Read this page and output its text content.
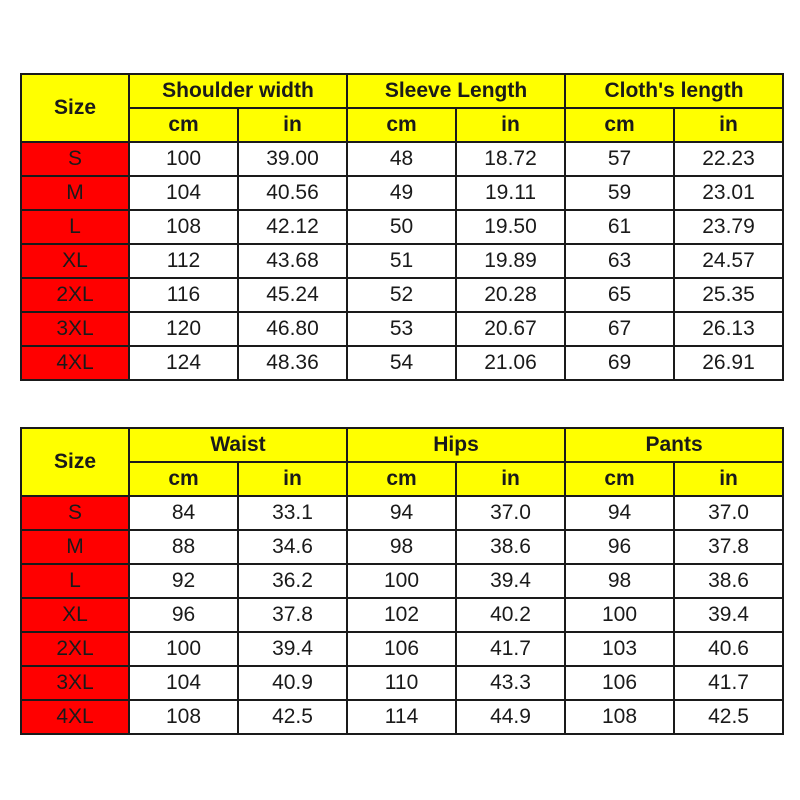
Size	Shoulder width		Sleeve Length		Cloth's length	
	cm	in	cm	in	cm	in
S	100	39.00	48	18.72	57	22.23
M	104	40.56	49	19.11	59	23.01
L	108	42.12	50	19.50	61	23.79
XL	112	43.68	51	19.89	63	24.57
2XL	116	45.24	52	20.28	65	25.35
3XL	120	46.80	53	20.67	67	26.13
4XL	124	48.36	54	21.06	69	26.91
Size	Waist		Hips		Pants	
	cm	in	cm	in	cm	in
S	84	33.1	94	37.0	94	37.0
M	88	34.6	98	38.6	96	37.8
L	92	36.2	100	39.4	98	38.6
XL	96	37.8	102	40.2	100	39.4
2XL	100	39.4	106	41.7	103	40.6
3XL	104	40.9	110	43.3	106	41.7
4XL	108	42.5	114	44.9	108	42.5
